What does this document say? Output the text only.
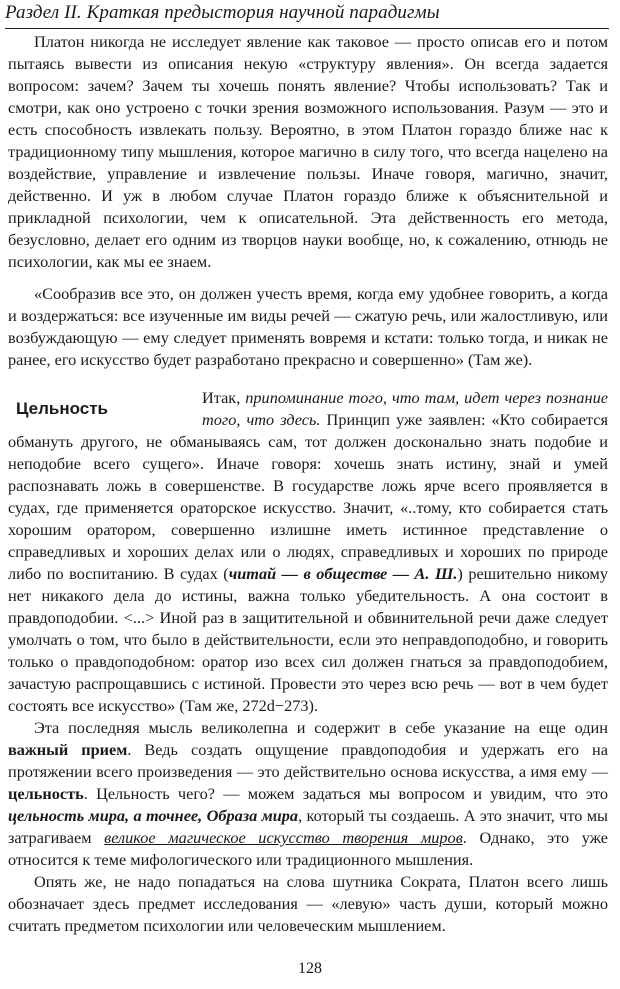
Раздел II. Краткая предыстория научной парадигмы

Платон никогда не исследует явление как таковое — просто описав его и потом пытаясь вывести из описания некую «структуру явления». Он всегда задается вопросом: зачем? Зачем ты хочешь понять явление? Чтобы использовать? Так и смотри, как оно устроено с точки зрения возможного использования. Разум — это и есть способность извлекать пользу. Вероятно, в этом Платон гораздо ближе нас к традиционному типу мышления, которое магично в силу того, что всегда нацелено на воздействие, управление и извлечение пользы. Иначе говоря, магично, значит, действенно. И уж в любом случае Платон гораздо ближе к объяснительной и прикладной психологии, чем к описательной. Эта действенность его метода, безусловно, делает его одним из творцов науки вообще, но, к сожалению, отнюдь не психологии, как мы ее знаем.

«Сообразив все это, он должен учесть время, когда ему удобнее говорить, а когда и воздержаться: все изученные им виды речей — сжатую речь, или жалостливую, или возбуждающую — ему следует применять вовремя и кстати: только тогда, и никак не ранее, его искусство будет разработано прекрасно и совершенно» (Там же).

Цельность
Итак, припоминание того, что там, идет через познание того, что здесь. Принцип уже заявлен: «Кто собирается обмануть другого, не обманываясь сам, тот должен досконально знать подобие и неподобие всего сущего». Иначе говоря: хочешь знать истину, знай и умей распознавать ложь в совершенстве. В государстве ложь ярче всего проявляется в судах, где применяется ораторское искусство. Значит, «..тому, кто собирается стать хорошим оратором, совершенно излишне иметь истинное представление о справедливых и хороших делах или о людях, справедливых и хороших по природе либо по воспитанию. В судах (читай — в обществе — А. Ш.) решительно никому нет никакого дела до истины, важна только убедительность. А она состоит в правдоподобии. <...> Иной раз в защитительной и обвинительной речи даже следует умолчать о том, что было в действительности, если это неправдоподобно, и говорить только о правдоподобном: оратор изо всех сил должен гнаться за правдоподобием, зачастую распрощавшись с истиной. Провести это через всю речь — вот в чем будет состоять все искусство» (Там же, 272d−273).

Эта последняя мысль великолепна и содержит в себе указание на еще один важный прием. Ведь создать ощущение правдоподобия и удержать его на протяжении всего произведения — это действительно основа искусства, а имя ему — цельность. Цельность чего? — можем задаться мы вопросом и увидим, что это цельность мира, а точнее, Образа мира, который ты создаешь. А это значит, что мы затрагиваем великое магическое искусство творения миров. Однако, это уже относится к теме мифологического или традиционного мышления.

Опять же, не надо попадаться на слова шутника Сократа, Платон всего лишь обозначает здесь предмет исследования — «левую» часть души, который можно считать предметом психологии или человеческим мышлением.

128
